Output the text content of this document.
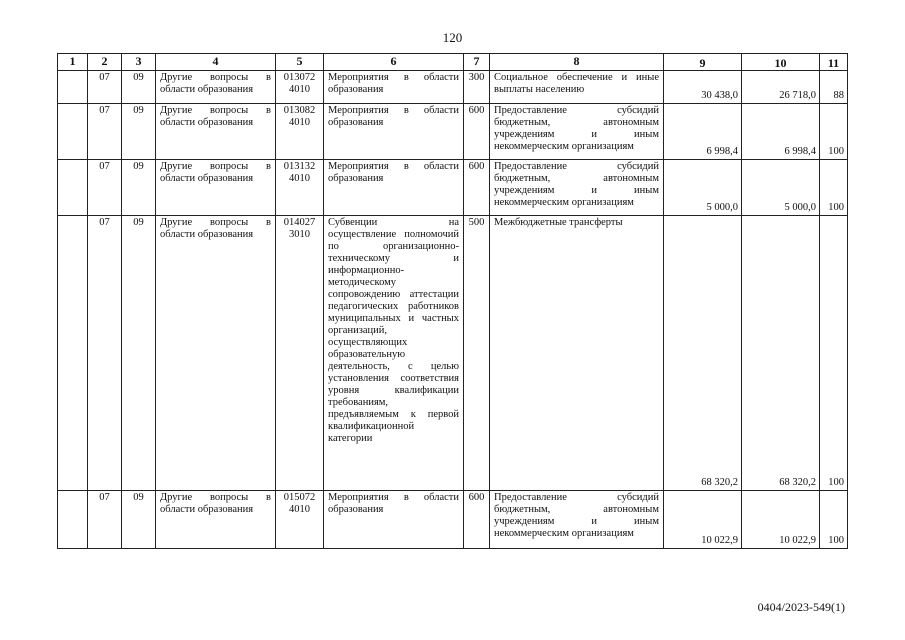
120
1	2	3	4	5	6	7	8	9	10	11
	07	09	Другие вопросы в области образования	013072 4010	Мероприятия в области образования	300	Социальное обеспечение и иные выплаты населению	30 438,0	26 718,0	88
	07	09	Другие вопросы в области образования	013082 4010	Мероприятия в области образования	600	Предоставление субсидий бюджетным, автономным учреждениям и иным некоммерческим организациям	6 998,4	6 998,4	100
	07	09	Другие вопросы в области образования	013132 4010	Мероприятия в области образования	600	Предоставление субсидий бюджетным, автономным учреждениям и иным некоммерческим организациям	5 000,0	5 000,0	100
	07	09	Другие вопросы в области образования	014027 3010	Субвенции на осуществление полномочий по организационно-техническому и информационно-методическому сопровождению аттестации педагогических работников муниципальных и частных организаций, осуществляющих образовательную деятельность, с целью установления соответствия уровня квалификации требованиям, предъявляемым к первой квалификационной категории	500	Межбюджетные трансферты	68 320,2	68 320,2	100
	07	09	Другие вопросы в области образования	015072 4010	Мероприятия в области образования	600	Предоставление субсидий бюджетным, автономным учреждениям и иным некоммерческим организациям	10 022,9	10 022,9	100
0404/2023-549(1)
